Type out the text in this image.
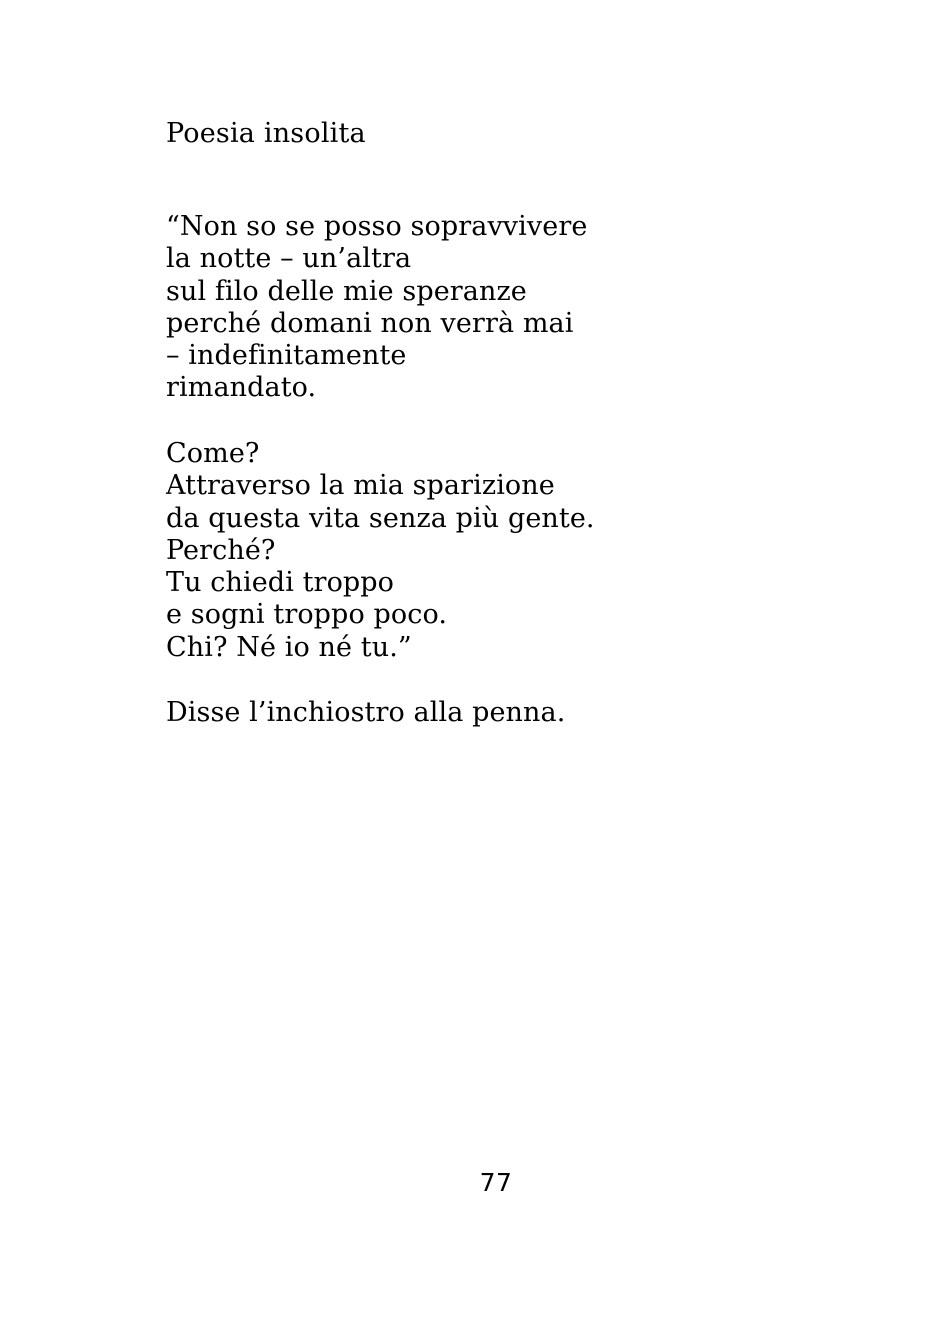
Poesia insolita
“Non so se posso sopravvivere
la notte – un’altra
sul filo delle mie speranze
perché domani non verrà mai
– indefinitamente
rimandato.
Come?
Attraverso la mia sparizione
da questa vita senza più gente.
Perché?
Tu chiedi troppo
e sogni troppo poco.
Chi? Né io né tu.”
Disse l’inchiostro alla penna.
77
